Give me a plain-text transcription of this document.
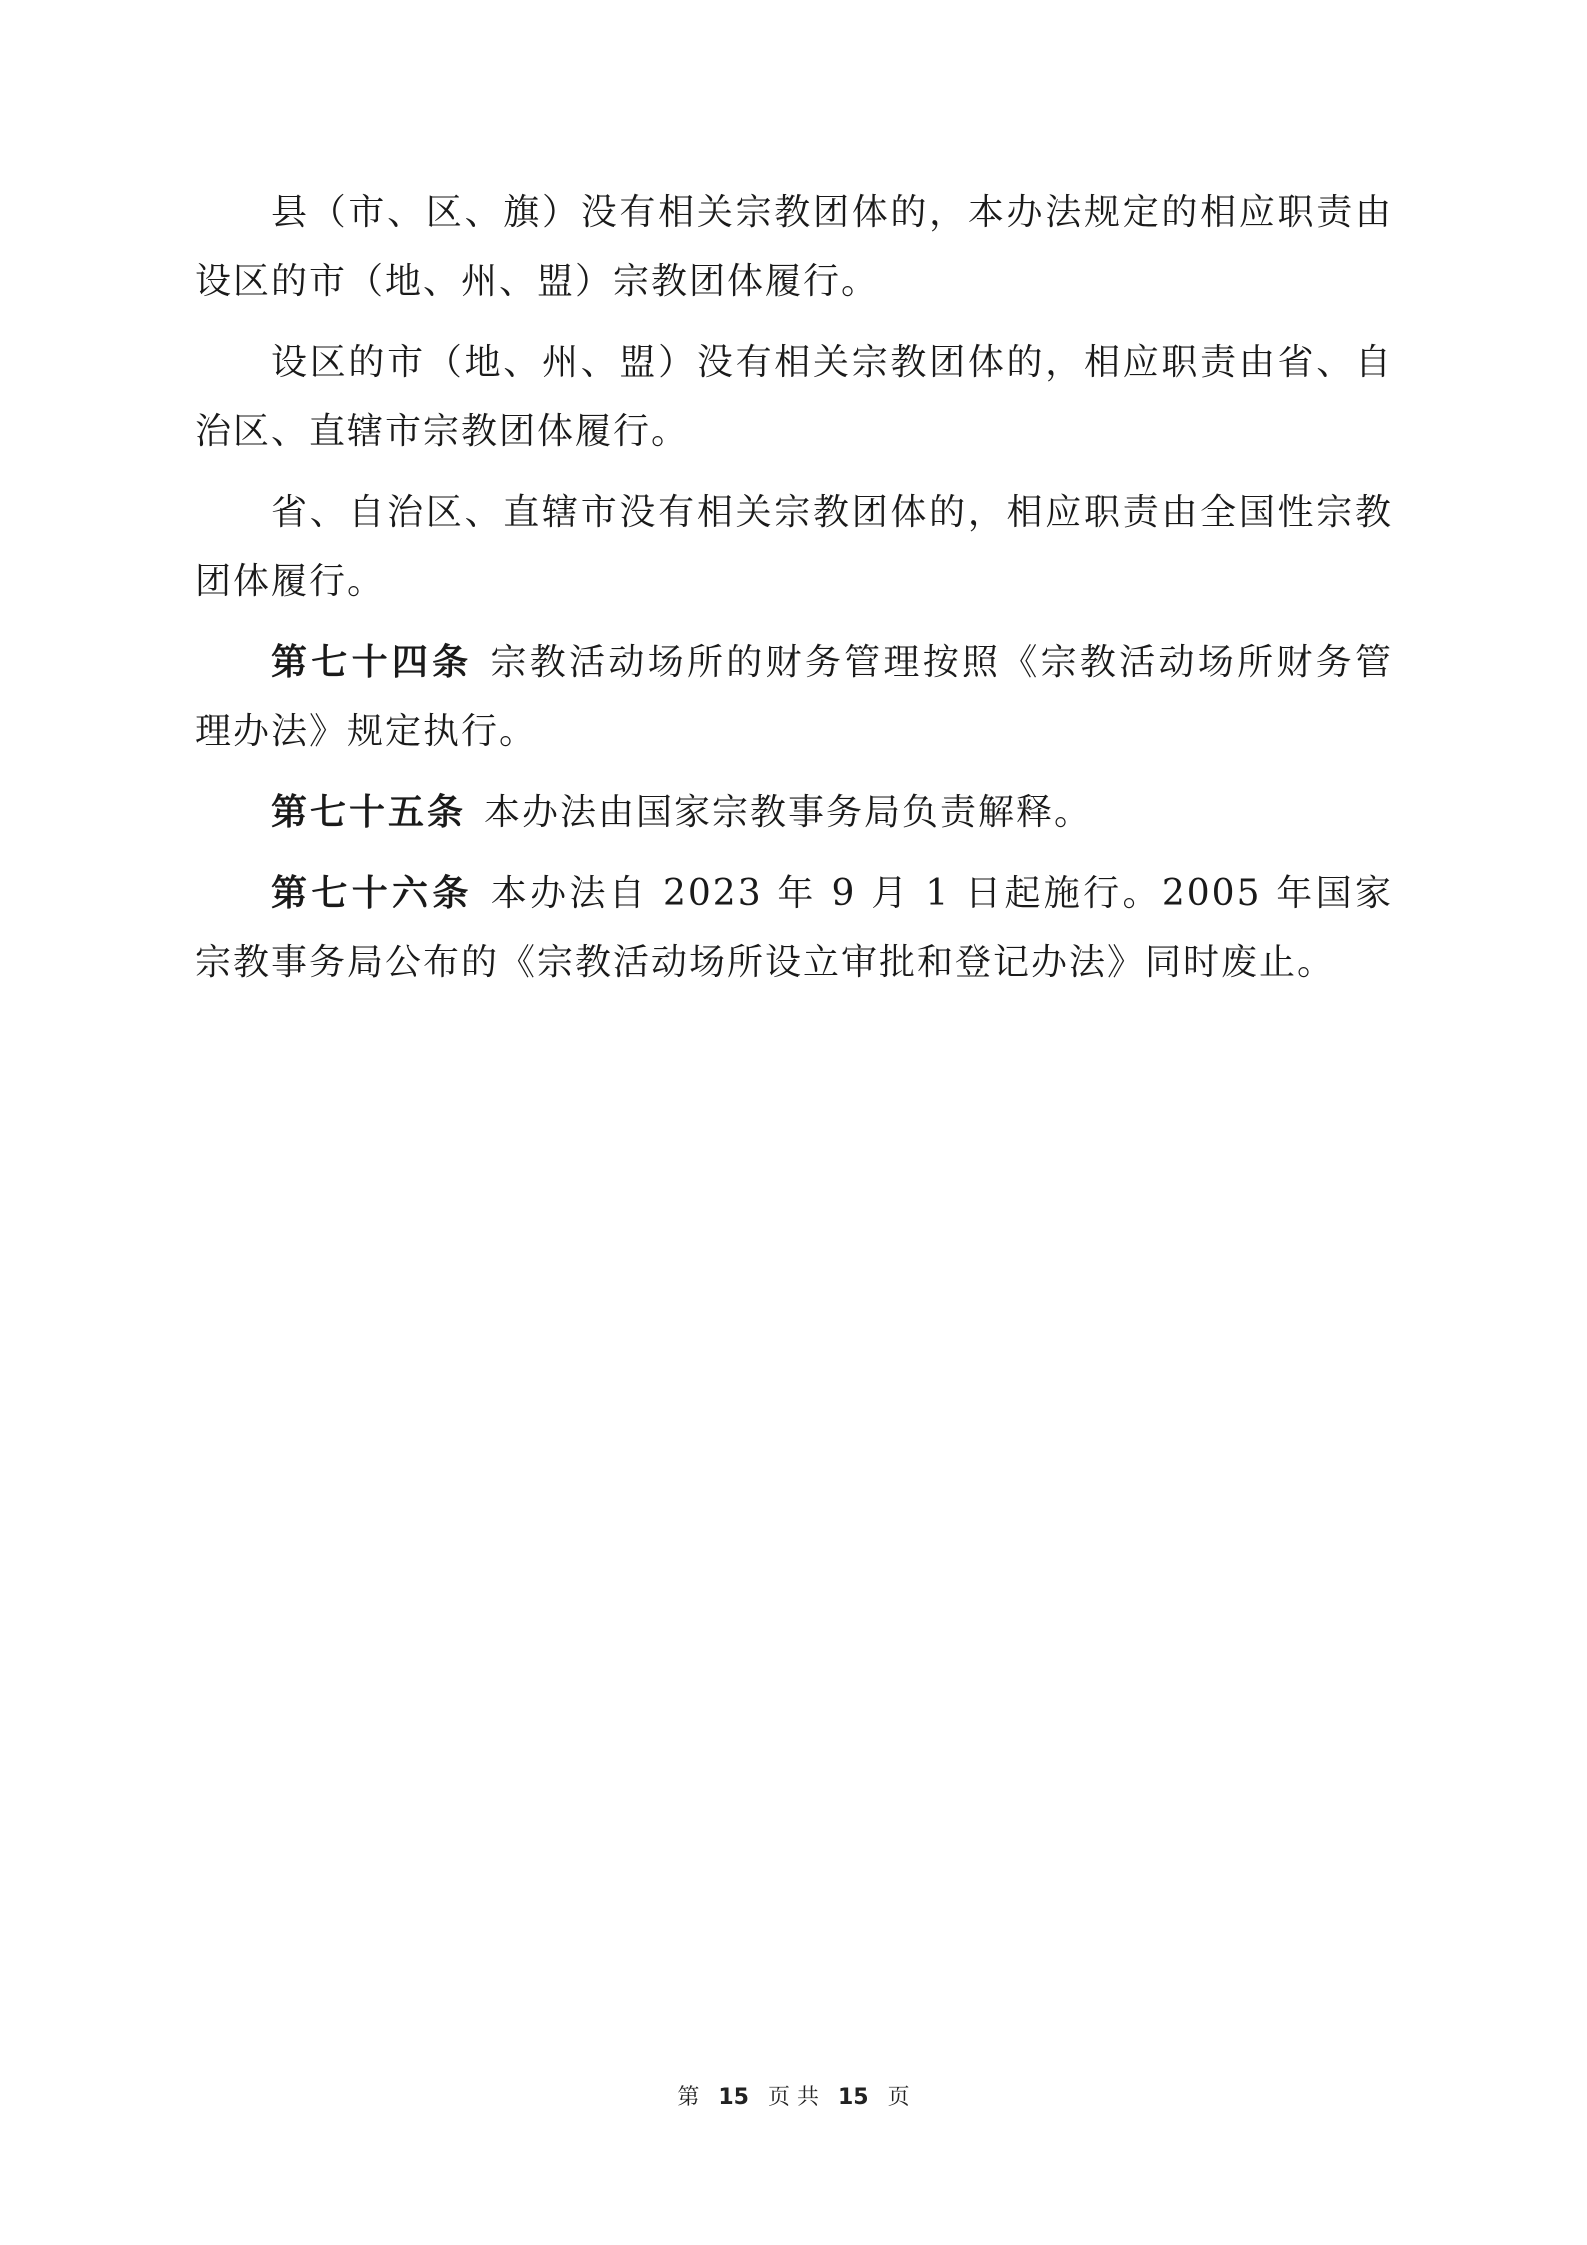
县（市、区、旗）没有相关宗教团体的，本办法规定的相应职责由设区的市（地、州、盟）宗教团体履行。

设区的市（地、州、盟）没有相关宗教团体的，相应职责由省、自治区、直辖市宗教团体履行。

省、自治区、直辖市没有相关宗教团体的，相应职责由全国性宗教团体履行。

第七十四条 宗教活动场所的财务管理按照《宗教活动场所财务管理办法》规定执行。

第七十五条 本办法由国家宗教事务局负责解释。

第七十六条 本办法自 2023 年 9 月 1 日起施行。2005 年国家宗教事务局公布的《宗教活动场所设立审批和登记办法》同时废止。

第 15 页 共 15 页
